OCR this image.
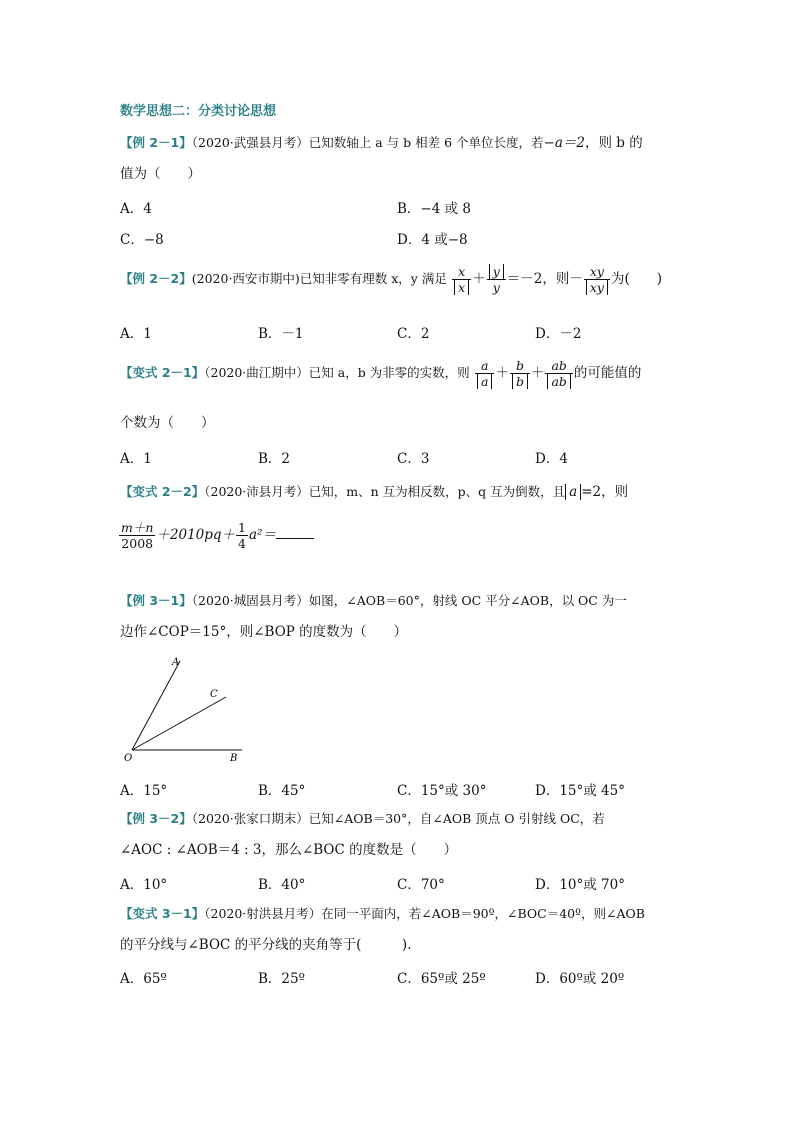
数学思想二：分类讨论思想
【例 2－1】（2020·武强县月考）已知数轴上 a 与 b 相差 6 个单位长度，若−a＝2，则 b 的
值为（　　）
A．4	B．−4 或 8
C．−8	D．4 或−8
【例 2－2】(2020·西安市期中)已知非零有理数 x，y 满足 $\frac{x}{x} + \frac{y}{y} =-2$，则－ $\frac{xy}{xy}$ 为(　　)
A．1	B．－1	C．2	D．－2
【变式 2－1】（2020·曲江期中）已知 a，b 为非零的实数，则 $\frac{a}{a} + \frac{b}{b} + \frac{ab}{ab}$ 的可能值的
个数为（　　）
A．1	B．2	C．3	D．4
【变式 2－2】（2020·沛县月考）已知，m、n 互为相反数，p、q 互为倒数，且 a =2，则
$\frac{m+n}{2008} +2010pq+ \frac{1}{4} a^2=$
【例 3－1】（2020·城固县月考）如图，∠AOB＝60°，射线 OC 平分∠AOB，以 OC 为一
边作∠COP＝15°，则∠BOP 的度数为（　　）
A
C
O	B
A．15°	B．45°	C．15°或 30°	D．15°或 45°
【例 3－2】（2020·张家口期末）已知∠AOB＝30°，自∠AOB 顶点 O 引射线 OC，若
∠AOC : ∠AOB＝4 : 3，那么∠BOC 的度数是（　　）
A．10°	B．40°	C．70°	D．10°或 70°
【变式 3－1】（2020·射洪县月考）在同一平面内，若∠AOB＝90º，∠BOC＝40º，则∠AOB
的平分线与∠BOC 的平分线的夹角等于(　　　).
A．65º	B．25º	C．65º或 25º	D．60º或 20º
